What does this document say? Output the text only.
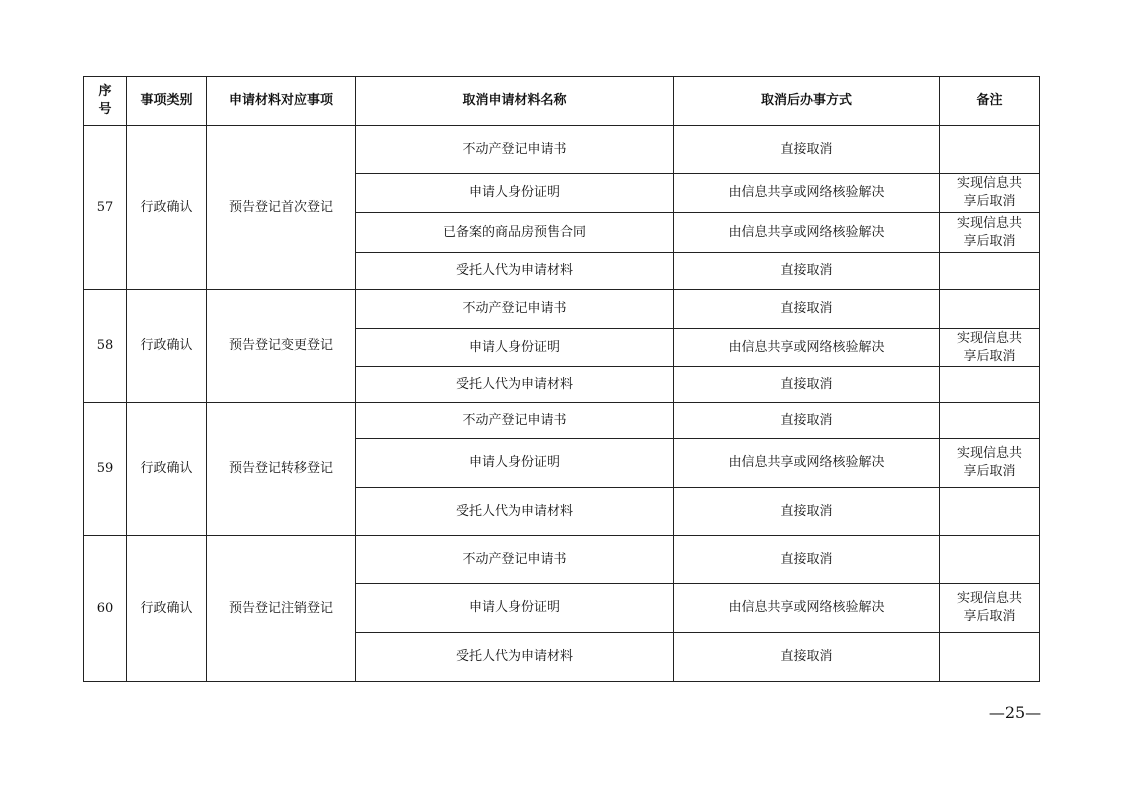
序号	事项类别	申请材料对应事项	取消申请材料名称	取消后办事方式	备注
57	行政确认	预告登记首次登记	不动产登记申请书	直接取消	
			申请人身份证明	由信息共享或网络核验解决	实现信息共享后取消
			已备案的商品房预售合同	由信息共享或网络核验解决	实现信息共享后取消
			受托人代为申请材料	直接取消	
58	行政确认	预告登记变更登记	不动产登记申请书	直接取消	
			申请人身份证明	由信息共享或网络核验解决	实现信息共享后取消
			受托人代为申请材料	直接取消	
59	行政确认	预告登记转移登记	不动产登记申请书	直接取消	
			申请人身份证明	由信息共享或网络核验解决	实现信息共享后取消
			受托人代为申请材料	直接取消	
60	行政确认	预告登记注销登记	不动产登记申请书	直接取消	
			申请人身份证明	由信息共享或网络核验解决	实现信息共享后取消
			受托人代为申请材料	直接取消	
—25—
